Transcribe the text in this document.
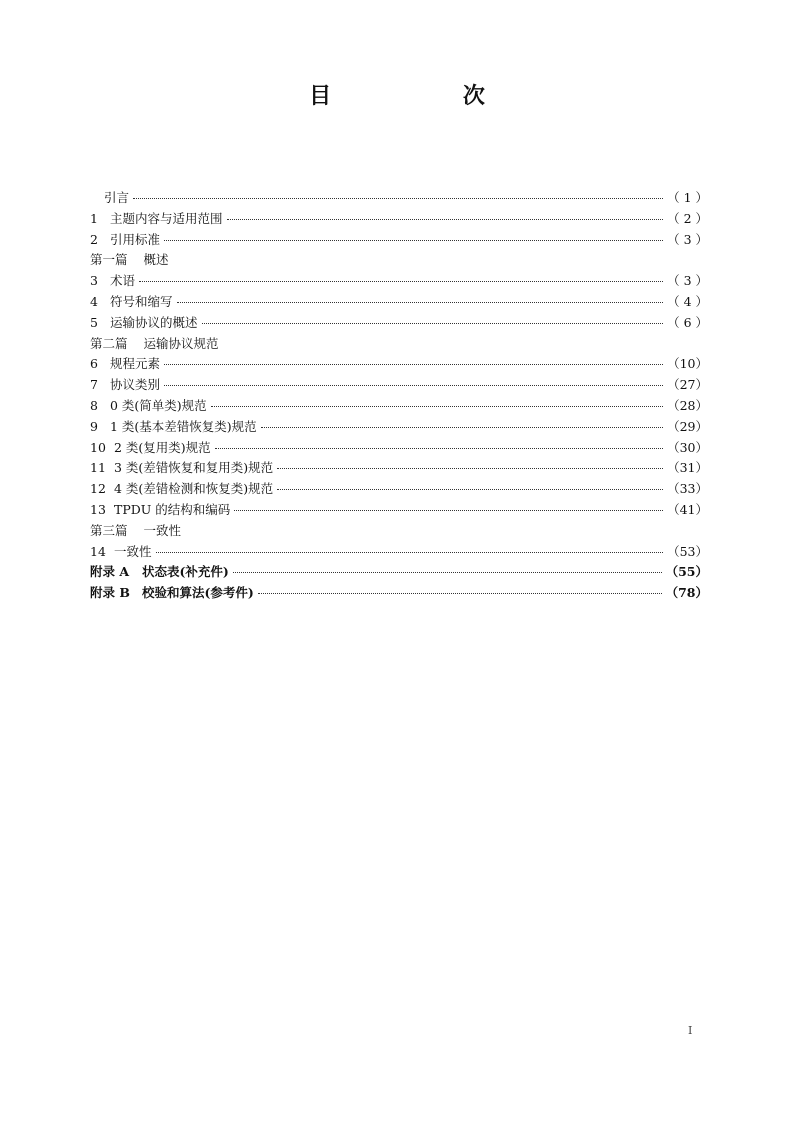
目 次
引言	（ 1 ）
1 主题内容与适用范围	（ 2 ）
2 引用标准	（ 3 ）
第一篇 概述
3 术语	（ 3 ）
4 符号和缩写	（ 4 ）
5 运输协议的概述	（ 6 ）
第二篇 运输协议规范
6 规程元素	（10）
7 协议类别	（27）
8 0 类(简单类)规范	（28）
9 1 类(基本差错恢复类)规范	（29）
10 2 类(复用类)规范	（30）
11 3 类(差错恢复和复用类)规范	（31）
12 4 类(差错检测和恢复类)规范	（33）
13 TPDU 的结构和编码	（41）
第三篇 一致性
14 一致性	（53）
附录 A	状态表(补充件)	（55）
附录 B 校验和算法(参考件)	（78）
I
